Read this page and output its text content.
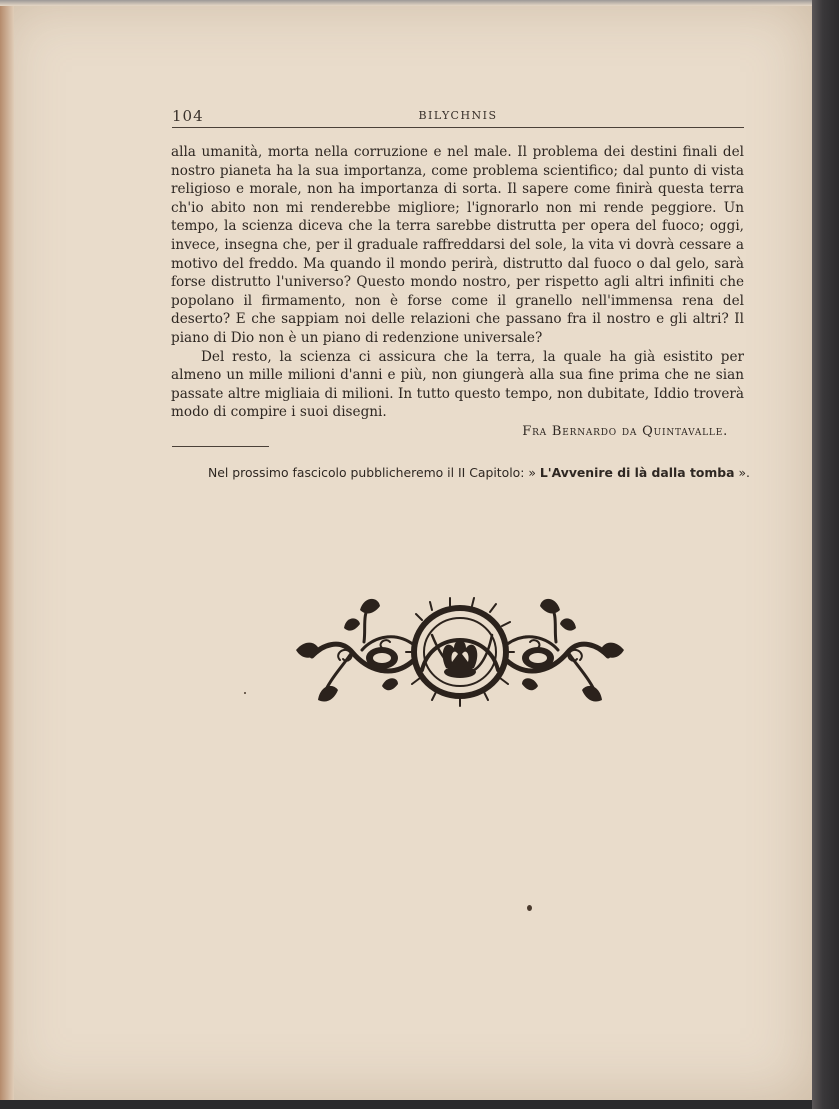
104	BILYCHNIS

alla umanità, morta nella corruzione e nel male. Il problema dei destini finali del nostro pianeta ha la sua importanza, come problema scientifico; dal punto di vista religioso e morale, non ha importanza di sorta. Il sapere come finirà questa terra ch'io abito non mi renderebbe migliore; l'ignorarlo non mi rende peggiore. Un tempo, la scienza diceva che la terra sarebbe distrutta per opera del fuoco; oggi, invece, insegna che, per il graduale raffreddarsi del sole, la vita vi dovrà cessare a motivo del freddo. Ma quando il mondo perirà, distrutto dal fuoco o dal gelo, sarà forse distrutto l'universo? Questo mondo nostro, per rispetto agli altri infiniti che popolano il firmamento, non è forse come il granello nell'immensa rena del deserto? E che sappiam noi delle relazioni che passano fra il nostro e gli altri? Il piano di Dio non è un piano di redenzione universale?

Del resto, la scienza ci assicura che la terra, la quale ha già esistito per almeno un mille milioni d'anni e più, non giungerà alla sua fine prima che ne sian passate altre migliaia di milioni. In tutto questo tempo, non dubitate, Iddio troverà modo di compire i suoi disegni.

Fra Bernardo da Quintavalle.
Nel prossimo fascicolo pubblicheremo il II Capitolo: » L'Avvenire di là dalla tomba ».
